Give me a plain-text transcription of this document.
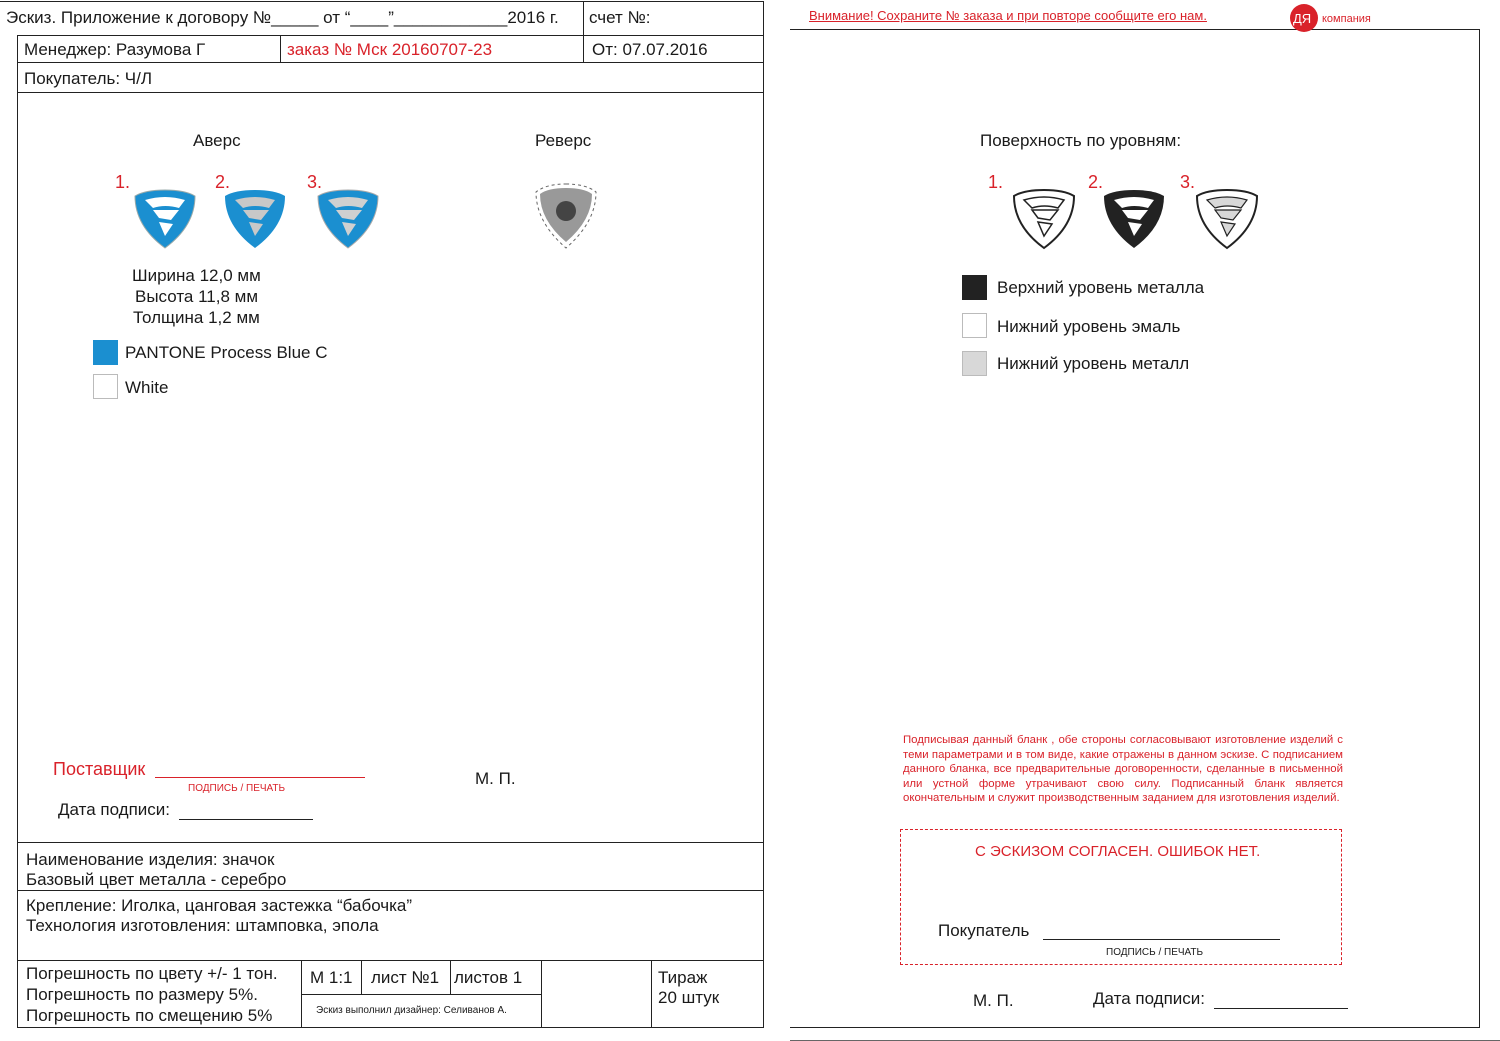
Эскиз. Приложение к договору №_____ от “____”____________2016 г. счет №:
Менеджер: Разумова Г	заказ № Мск 20160707-23	От: 07.07.2016
Покупатель: Ч/Л
Аверс	Реверс
1.	2.	3.
Ширина 12,0 мм
Высота 11,8 мм
Толщина 1,2 мм
PANTONE Process Blue C
White
Поставщик
ПОДПИСЬ / ПЕЧАТЬ
М. П.
Дата подписи:
Наименование изделия: значок
Базовый цвет металла - серебро
Крепление: Иголка, цанговая застежка “бабочка”
Технология изготовления: штамповка, эпола
Погрешность по цвету +/- 1 тон.
Погрешность по размеру 5%.
Погрешность по смещению 5%
М 1:1 лист №1 листов 1
Эскиз выполнил дизайнер: Селиванов А.
Тираж
20 штук
Внимание! Сохраните № заказа и при повторе сообщите его нам.	ДЯ компания
Поверхность по уровням:
1.	2.	3.
Верхний уровень металла
Нижний уровень эмаль
Нижний уровень металл
Подписывая данный бланк , обе стороны согласовывают изготовление изделий с теми параметрами и в том виде, какие отражены в данном эскизе. С подписанием данного бланка, все предварительные договоренности, сделанные в письменной или устной форме утрачивают свою силу. Подписанный бланк является окончательным и служит производственным заданием для изготовления изделий.
С ЭСКИЗОМ СОГЛАСЕН. ОШИБОК НЕТ.
Покупатель
ПОДПИСЬ / ПЕЧАТЬ
М. П.	Дата подписи:
